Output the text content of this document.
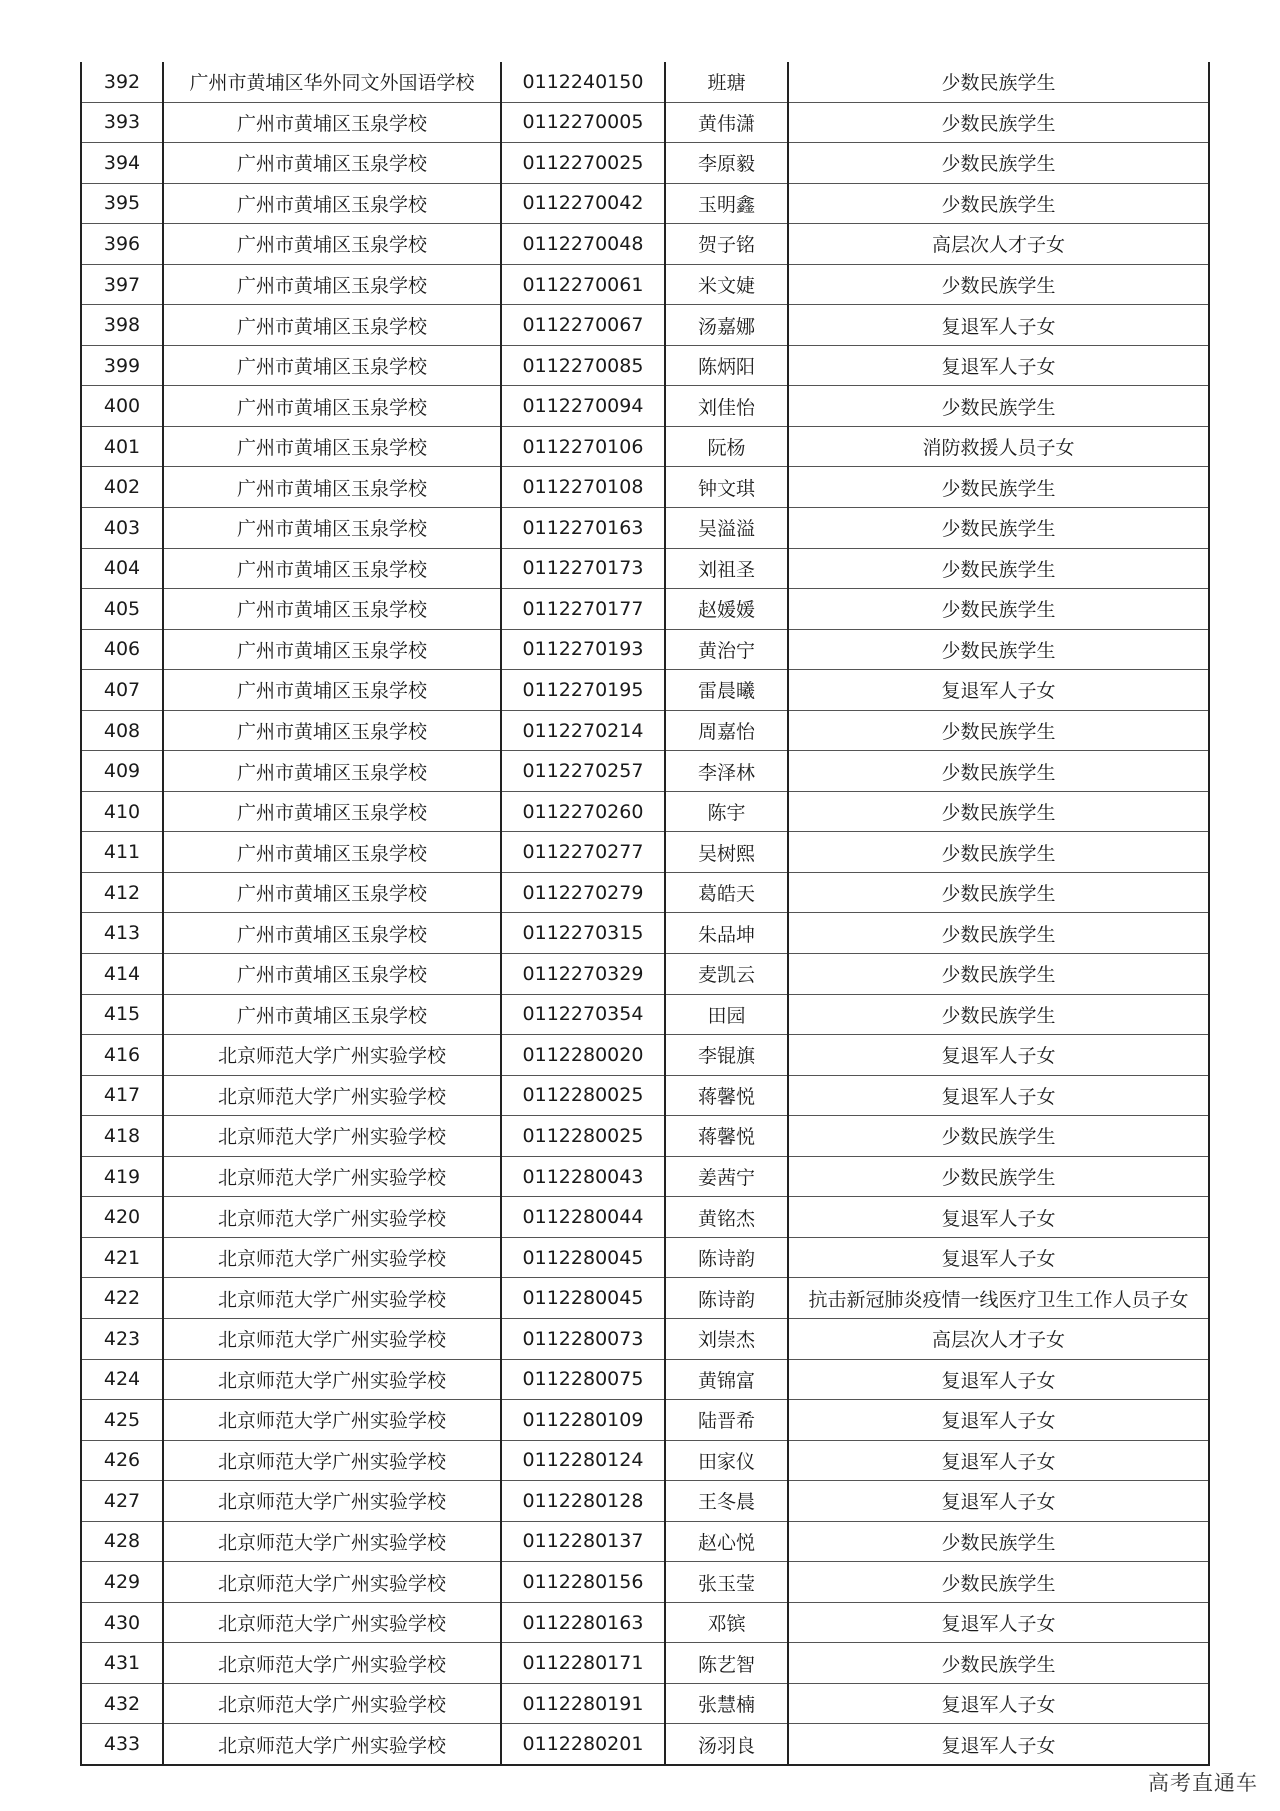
392	广州市黄埔区华外同文外国语学校	0112240150	班瑭	少数民族学生
393	广州市黄埔区玉泉学校	0112270005	黄伟潇	少数民族学生
394	广州市黄埔区玉泉学校	0112270025	李原毅	少数民族学生
395	广州市黄埔区玉泉学校	0112270042	玉明鑫	少数民族学生
396	广州市黄埔区玉泉学校	0112270048	贺子铭	高层次人才子女
397	广州市黄埔区玉泉学校	0112270061	米文婕	少数民族学生
398	广州市黄埔区玉泉学校	0112270067	汤嘉娜	复退军人子女
399	广州市黄埔区玉泉学校	0112270085	陈炳阳	复退军人子女
400	广州市黄埔区玉泉学校	0112270094	刘佳怡	少数民族学生
401	广州市黄埔区玉泉学校	0112270106	阮杨	消防救援人员子女
402	广州市黄埔区玉泉学校	0112270108	钟文琪	少数民族学生
403	广州市黄埔区玉泉学校	0112270163	吴溢溢	少数民族学生
404	广州市黄埔区玉泉学校	0112270173	刘祖圣	少数民族学生
405	广州市黄埔区玉泉学校	0112270177	赵媛媛	少数民族学生
406	广州市黄埔区玉泉学校	0112270193	黄治宁	少数民族学生
407	广州市黄埔区玉泉学校	0112270195	雷晨曦	复退军人子女
408	广州市黄埔区玉泉学校	0112270214	周嘉怡	少数民族学生
409	广州市黄埔区玉泉学校	0112270257	李泽林	少数民族学生
410	广州市黄埔区玉泉学校	0112270260	陈宇	少数民族学生
411	广州市黄埔区玉泉学校	0112270277	吴树熙	少数民族学生
412	广州市黄埔区玉泉学校	0112270279	葛皓天	少数民族学生
413	广州市黄埔区玉泉学校	0112270315	朱品坤	少数民族学生
414	广州市黄埔区玉泉学校	0112270329	麦凯云	少数民族学生
415	广州市黄埔区玉泉学校	0112270354	田园	少数民族学生
416	北京师范大学广州实验学校	0112280020	李锟旗	复退军人子女
417	北京师范大学广州实验学校	0112280025	蒋馨悦	复退军人子女
418	北京师范大学广州实验学校	0112280025	蒋馨悦	少数民族学生
419	北京师范大学广州实验学校	0112280043	姜茜宁	少数民族学生
420	北京师范大学广州实验学校	0112280044	黄铭杰	复退军人子女
421	北京师范大学广州实验学校	0112280045	陈诗韵	复退军人子女
422	北京师范大学广州实验学校	0112280045	陈诗韵	抗击新冠肺炎疫情一线医疗卫生工作人员子女
423	北京师范大学广州实验学校	0112280073	刘崇杰	高层次人才子女
424	北京师范大学广州实验学校	0112280075	黄锦富	复退军人子女
425	北京师范大学广州实验学校	0112280109	陆晋希	复退军人子女
426	北京师范大学广州实验学校	0112280124	田家仪	复退军人子女
427	北京师范大学广州实验学校	0112280128	王冬晨	复退军人子女
428	北京师范大学广州实验学校	0112280137	赵心悦	少数民族学生
429	北京师范大学广州实验学校	0112280156	张玉莹	少数民族学生
430	北京师范大学广州实验学校	0112280163	邓镔	复退军人子女
431	北京师范大学广州实验学校	0112280171	陈艺智	少数民族学生
432	北京师范大学广州实验学校	0112280191	张慧楠	复退军人子女
433	北京师范大学广州实验学校	0112280201	汤羽良	复退军人子女
高考直通车
